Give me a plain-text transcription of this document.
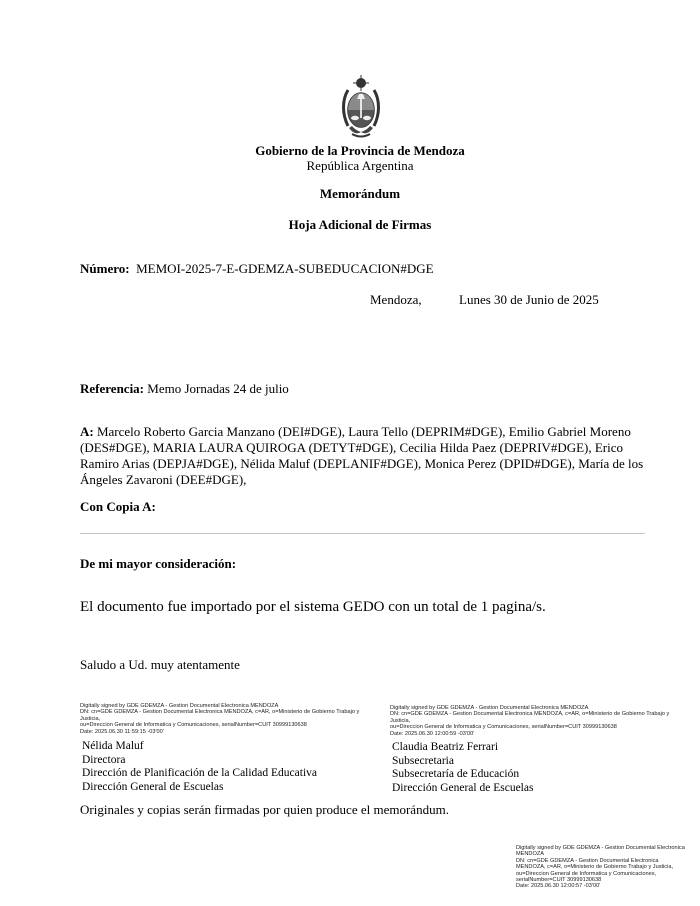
Gobierno de la Provincia de Mendoza
República Argentina
Memorándum
Hoja Adicional de Firmas
Número: MEMOI-2025-7-E-GDEMZA-SUBEDUCACION#DGE
Mendoza,	Lunes 30 de Junio de 2025
Referencia: Memo Jornadas 24 de julio
A: Marcelo Roberto Garcia Manzano (DEI#DGE), Laura Tello (DEPRIM#DGE), Emilio Gabriel Moreno (DES#DGE), MARIA LAURA QUIROGA (DETYT#DGE), Cecilia Hilda Paez (DEPRIV#DGE), Erico Ramiro Arias (DEPJA#DGE), Nélida Maluf (DEPLANIF#DGE), Monica Perez (DPID#DGE), María de los Ángeles Zavaroni (DEE#DGE),
Con Copia A:
De mi mayor consideración:
El documento fue importado por el sistema GEDO con un total de 1 pagina/s.
Saludo a Ud. muy atentamente
Digitally signed by GDE GDEMZA - Gestion Documental Electronica MENDOZA
DN: cn=GDE GDEMZA - Gestion Documental Electronica MENDOZA, c=AR, o=Ministerio de Gobierno Trabajo y Justicia,
ou=Direccion General de Informatica y Comunicaciones, serialNumber=CUIT 30999130638
Date: 2025.06.30 11:59:15 -03'00'
Nélida Maluf
Directora
Dirección de Planificación de la Calidad Educativa
Dirección General de Escuelas
Digitally signed by GDE GDEMZA - Gestion Documental Electronica MENDOZA
DN: cn=GDE GDEMZA - Gestion Documental Electronica MENDOZA, c=AR, o=Ministerio de Gobierno Trabajo y Justicia,
ou=Direccion General de Informatica y Comunicaciones, serialNumber=CUIT 30999130638
Date: 2025.06.30 12:00:59 -03'00'
Claudia Beatriz Ferrari
Subsecretaria
Subsecretaría de Educación
Dirección General de Escuelas
Originales y copias serán firmadas por quien produce el memorándum.
Digitally signed by GDE GDEMZA - Gestion Documental Electronica
MENDOZA
DN: cn=GDE GDEMZA - Gestion Documental Electronica
MENDOZA, c=AR, o=Ministerio de Gobierno Trabajo y Justicia,
ou=Direccion General de Informatica y Comunicaciones,
serialNumber=CUIT 30999130638
Date: 2025.06.30 12:00:57 -03'00'
